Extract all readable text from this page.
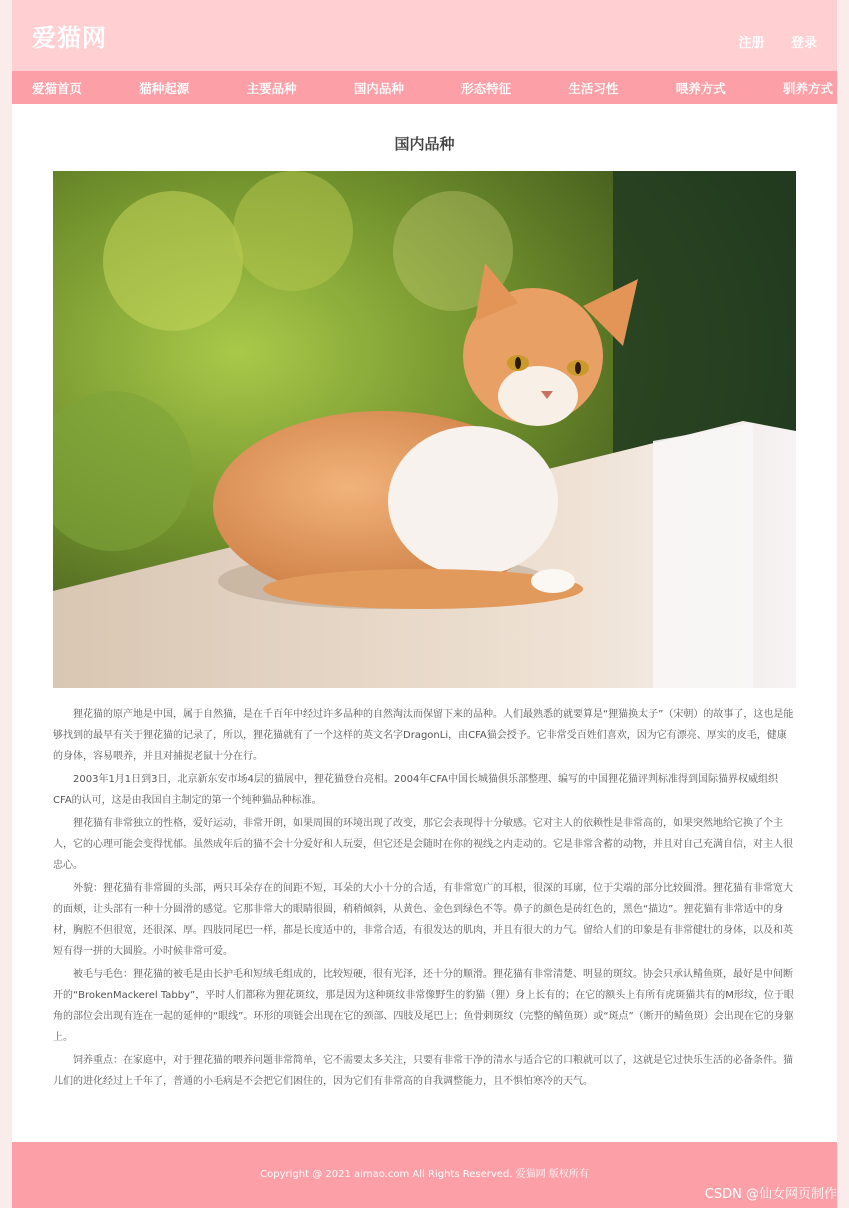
爱猫网	注册 登录
爱猫首页	猫种起源	主要品种	国内品种	形态特征	生活习性	喂养方式	驯养方式
国内品种

狸花猫的原产地是中国，属于自然猫，是在千百年中经过许多品种的自然淘汰而保留下来的品种。人们最熟悉的就要算是“狸猫换太子”（宋朝）的故事了，这也是能够找到的最早有关于狸花猫的记录了，所以，狸花猫就有了一个这样的英文名字DragonLi，由CFA猫会授予。它非常受百姓们喜欢，因为它有漂亮、厚实的皮毛，健康的身体，容易喂养，并且对捕捉老鼠十分在行。

2003年1月1日到3日，北京新东安市场4层的猫展中，狸花猫登台亮相。2004年CFA中国长城猫俱乐部整理、编写的中国狸花猫评判标准得到国际猫界权威组织CFA的认可，这是由我国自主制定的第一个纯种猫品种标准。

狸花猫有非常独立的性格，爱好运动，非常开朗，如果周围的环境出现了改变，那它会表现得十分敏感。它对主人的依赖性是非常高的，如果突然地给它换了个主人，它的心理可能会变得忧郁。虽然成年后的猫不会十分爱好和人玩耍，但它还是会随时在你的视线之内走动的。它是非常含蓄的动物，并且对自己充满自信，对主人很忠心。

外貌：狸花猫有非常圆的头部，两只耳朵存在的间距不短，耳朵的大小十分的合适，有非常宽广的耳根，很深的耳廓，位于尖端的部分比较圆滑。狸花猫有非常宽大的面颊，让头部有一种十分圆滑的感觉。它那非常大的眼睛很圆，稍稍倾斜，从黄色、金色到绿色不等。鼻子的颜色是砖红色的，黑色“描边”。狸花猫有非常适中的身材，胸腔不但很宽，还很深、厚。四肢同尾巴一样，都是长度适中的，非常合适，有很发达的肌肉，并且有很大的力气。留给人们的印象是有非常健壮的身体，以及和英短有得一拼的大圆脸。小时候非常可爱。

被毛与毛色：狸花猫的被毛是由长护毛和短绒毛组成的，比较短硬，很有光泽，还十分的顺滑。狸花猫有非常清楚、明显的斑纹。协会只承认鲭鱼斑，最好是中间断开的“BrokenMackerel Tabby”，平时人们都称为狸花斑纹，那是因为这种斑纹非常像野生的豹猫（狸）身上长有的；在它的额头上有所有虎斑猫共有的M形纹，位于眼角的部位会出现有连在一起的延伸的“眼线”。环形的项链会出现在它的颈部、四肢及尾巴上；鱼骨刺斑纹（完整的鲭鱼斑）或“斑点”（断开的鲭鱼斑）会出现在它的身躯上。

饲养重点：在家庭中，对于狸花猫的喂养问题非常简单，它不需要太多关注，只要有非常干净的清水与适合它的口粮就可以了，这就是它过快乐生活的必备条件。猫儿们的进化经过上千年了，普通的小毛病是不会把它们困住的，因为它们有非常高的自我调整能力，且不惧怕寒冷的天气。

Copyright @ 2021 aimao.com All Rights Reserved. 爱猫网 版权所有
CSDN @仙女网页制作
